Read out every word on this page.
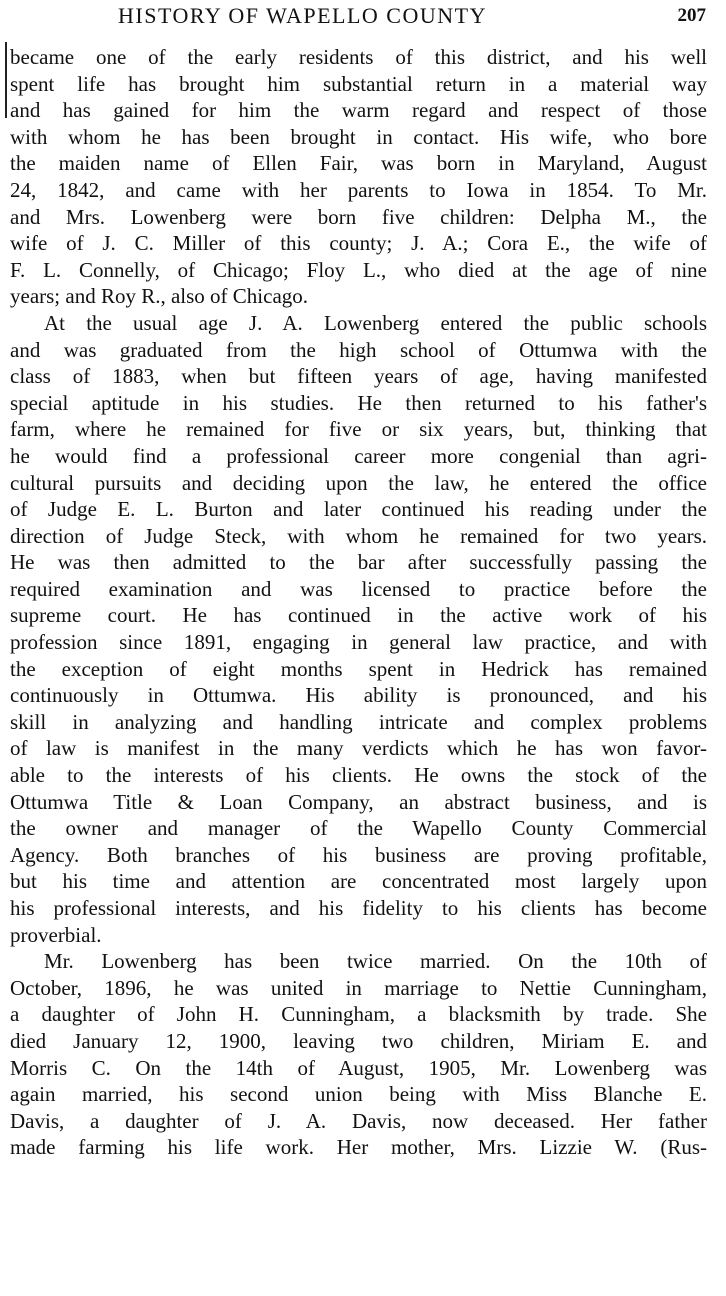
HISTORY OF WAPELLO COUNTY	207
became one of the early residents of this district, and his well
spent life has brought him substantial return in a material way
and has gained for him the warm regard and respect of those
with whom he has been brought in contact. His wife, who bore
the maiden name of Ellen Fair, was born in Maryland, August
24, 1842, and came with her parents to Iowa in 1854. To Mr.
and Mrs. Lowenberg were born five children: Delpha M., the
wife of J. C. Miller of this county; J. A.; Cora E., the wife of
F. L. Connelly, of Chicago; Floy L., who died at the age of nine
years; and Roy R., also of Chicago.
At the usual age J. A. Lowenberg entered the public schools
and was graduated from the high school of Ottumwa with the
class of 1883, when but fifteen years of age, having manifested
special aptitude in his studies. He then returned to his father's
farm, where he remained for five or six years, but, thinking that
he would find a professional career more congenial than agri-
cultural pursuits and deciding upon the law, he entered the office
of Judge E. L. Burton and later continued his reading under the
direction of Judge Steck, with whom he remained for two years.
He was then admitted to the bar after successfully passing the
required examination and was licensed to practice before the
supreme court. He has continued in the active work of his
profession since 1891, engaging in general law practice, and with
the exception of eight months spent in Hedrick has remained
continuously in Ottumwa. His ability is pronounced, and his
skill in analyzing and handling intricate and complex problems
of law is manifest in the many verdicts which he has won favor-
able to the interests of his clients. He owns the stock of the
Ottumwa Title & Loan Company, an abstract business, and is
the owner and manager of the Wapello County Commercial
Agency. Both branches of his business are proving profitable,
but his time and attention are concentrated most largely upon
his professional interests, and his fidelity to his clients has become
proverbial.
Mr. Lowenberg has been twice married. On the 10th of
October, 1896, he was united in marriage to Nettie Cunningham,
a daughter of John H. Cunningham, a blacksmith by trade. She
died January 12, 1900, leaving two children, Miriam E. and
Morris C. On the 14th of August, 1905, Mr. Lowenberg was
again married, his second union being with Miss Blanche E.
Davis, a daughter of J. A. Davis, now deceased. Her father
made farming his life work. Her mother, Mrs. Lizzie W. (Rus-
